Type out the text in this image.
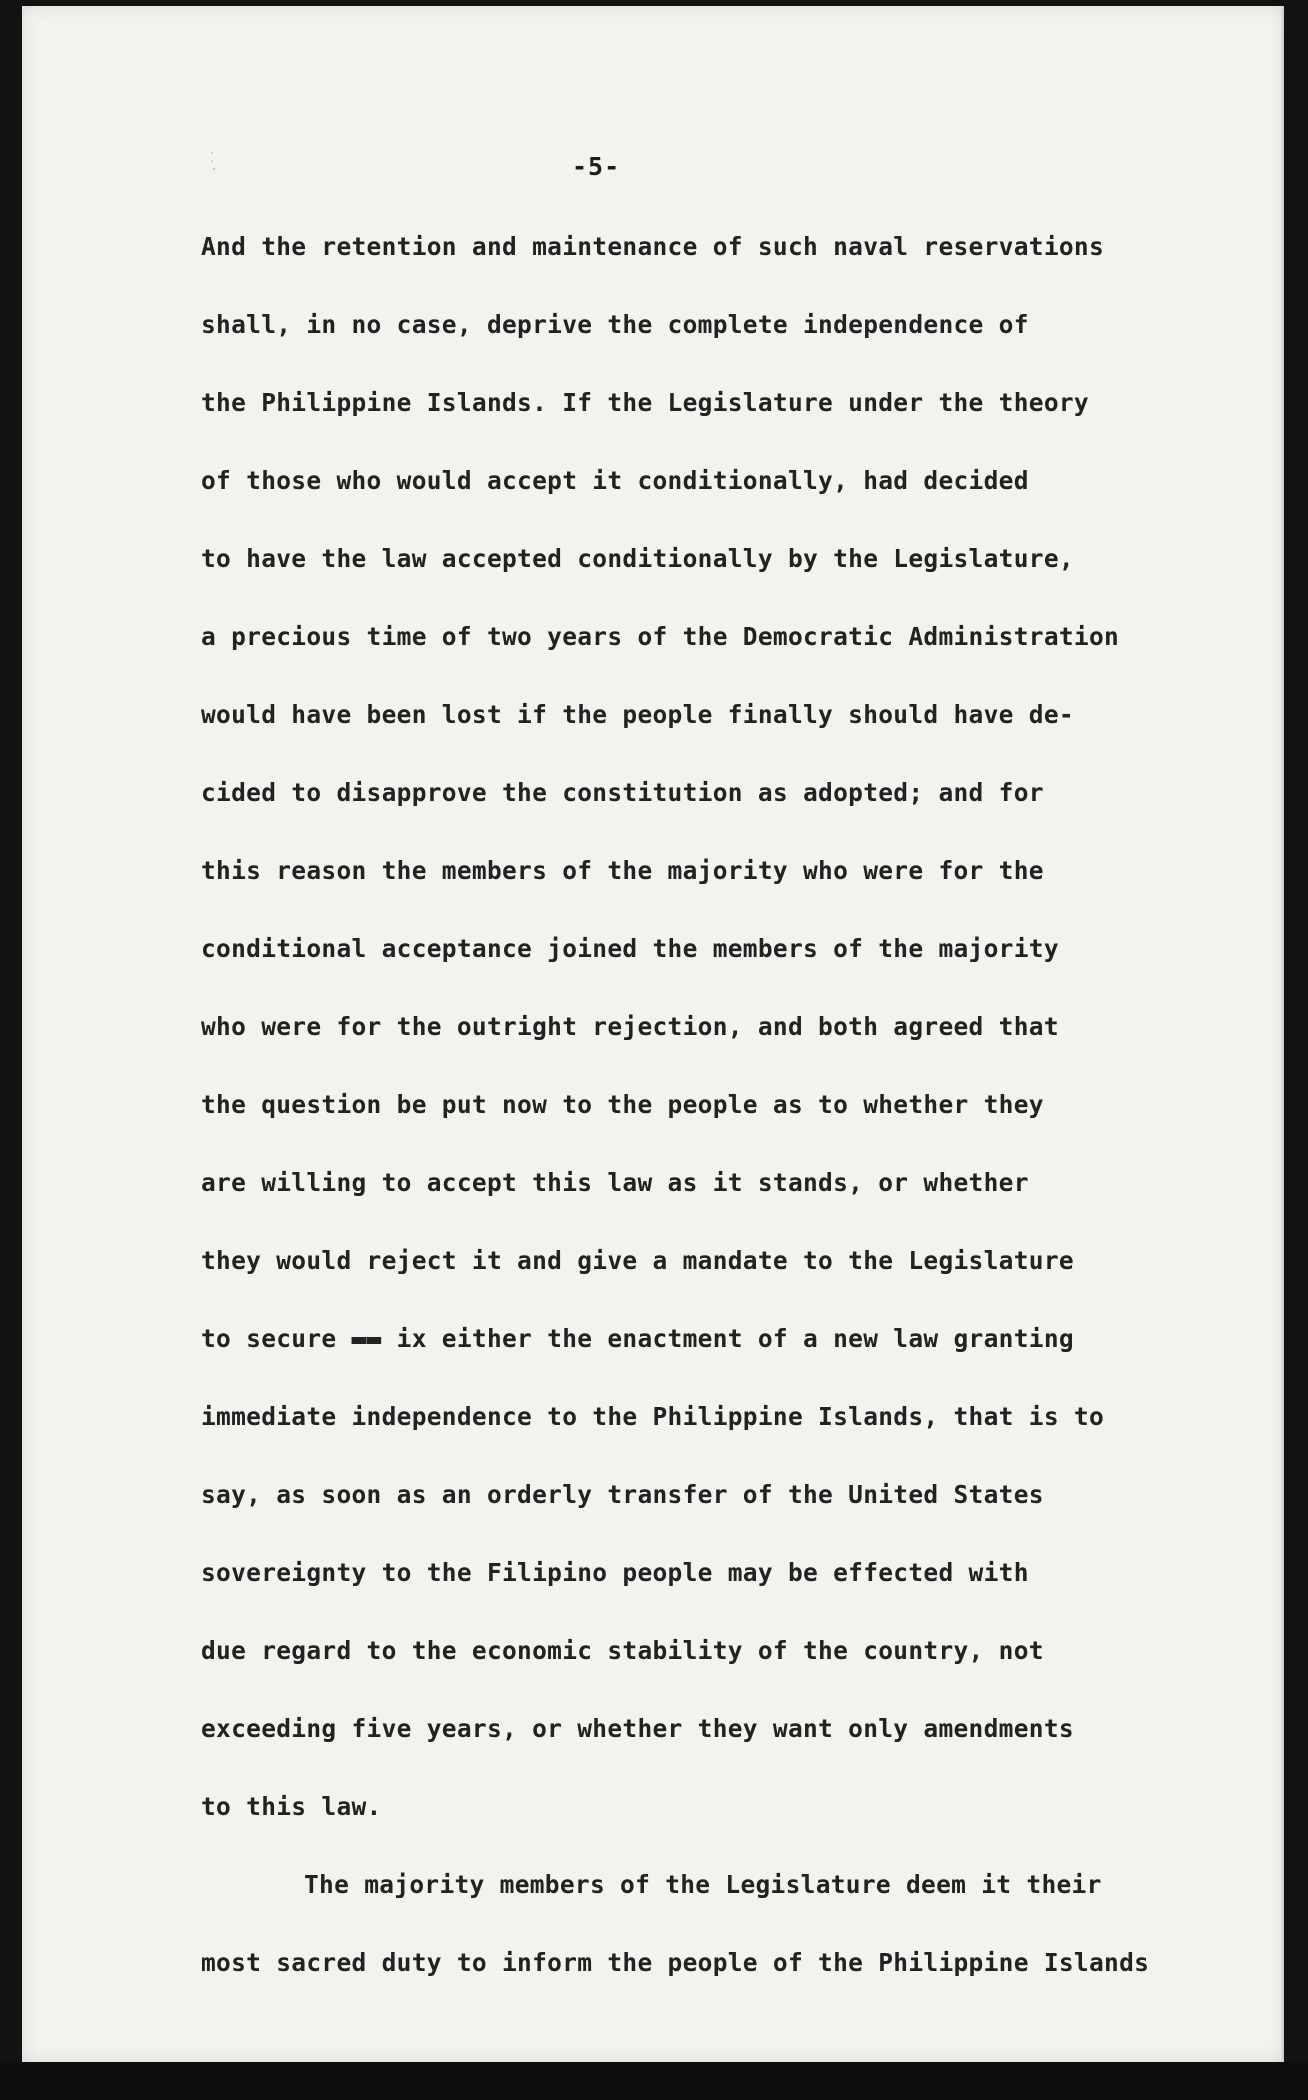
⁚
·	-5-
And the retention and maintenance of such naval reservations
shall, in no case, deprive the complete independence of
the Philippine Islands. If the Legislature under the theory
of those who would accept it conditionally, had decided
to have the law accepted conditionally by the Legislature,
a precious time of two years of the Democratic Administration
would have been lost if the people finally should have de-
cided to disapprove the constitution as adopted; and for
this reason the members of the majority who were for the
conditional acceptance joined the members of the majority
who were for the outright rejection, and both agreed that
the question be put now to the people as to whether they
are willing to accept this law as it stands, or whether
they would reject it and give a mandate to the Legislature
to secure ▬▬ ix either the enactment of a new law granting
immediate independence to the Philippine Islands, that is to
say, as soon as an orderly transfer of the United States
sovereignty to the Filipino people may be effected with
due regard to the economic stability of the country, not
exceeding five years, or whether they want only amendments
to this law.
The majority members of the Legislature deem it their
most sacred duty to inform the people of the Philippine Islands
